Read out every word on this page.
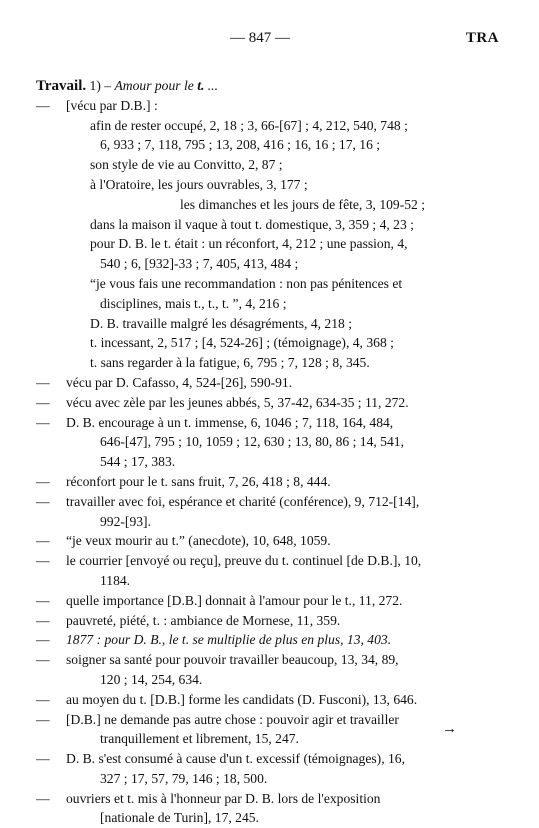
— 847 —	TRA
Travail. 1) – Amour pour le t. ...
— [vécu par D.B.] :
afin de rester occupé, 2, 18 ; 3, 66-[67] ; 4, 212, 540, 748 ;
6, 933 ; 7, 118, 795 ; 13, 208, 416 ; 16, 16 ; 17, 16 ;
son style de vie au Convitto, 2, 87 ;
à l'Oratoire, les jours ouvrables, 3, 177 ;
les dimanches et les jours de fête, 3, 109-52 ;
dans la maison il vaque à tout t. domestique, 3, 359 ; 4, 23 ;
pour D. B. le t. était : un réconfort, 4, 212 ; une passion, 4,
540 ; 6, [932]-33 ; 7, 405, 413, 484 ;
“je vous fais une recommandation : non pas pénitences et
disciplines, mais t., t., t. ”, 4, 216 ;
D. B. travaille malgré les désagréments, 4, 218 ;
t. incessant, 2, 517 ; [4, 524-26] ; (témoignage), 4, 368 ;
t. sans regarder à la fatigue, 6, 795 ; 7, 128 ; 8, 345.
— vécu par D. Cafasso, 4, 524-[26], 590-91.
— vécu avec zèle par les jeunes abbés, 5, 37-42, 634-35 ; 11, 272.
— D. B. encourage à un t. immense, 6, 1046 ; 7, 118, 164, 484,
646-[47], 795 ; 10, 1059 ; 12, 630 ; 13, 80, 86 ; 14, 541,
544 ; 17, 383.
— réconfort pour le t. sans fruit, 7, 26, 418 ; 8, 444.
— travailler avec foi, espérance et charité (conférence), 9, 712-[14],
992-[93].
— “je veux mourir au t.” (anecdote), 10, 648, 1059.
— le courrier [envoyé ou reçu], preuve du t. continuel [de D.B.], 10,
1184.
— quelle importance [D.B.] donnait à l'amour pour le t., 11, 272.
— pauvreté, piété, t. : ambiance de Mornese, 11, 359.
— 1877 : pour D. B., le t. se multiplie de plus en plus, 13, 403.
— soigner sa santé pour pouvoir travailler beaucoup, 13, 34, 89,
120 ; 14, 254, 634.
— au moyen du t. [D.B.] forme les candidats (D. Fusconi), 13, 646.
— [D.B.] ne demande pas autre chose : pouvoir agir et travailler
tranquillement et librement, 15, 247.
— D. B. s'est consumé à cause d'un t. excessif (témoignages), 16,
327 ; 17, 57, 79, 146 ; 18, 500.
— ouvriers et t. mis à l'honneur par D. B. lors de l'exposition
[nationale de Turin], 17, 245.
→
